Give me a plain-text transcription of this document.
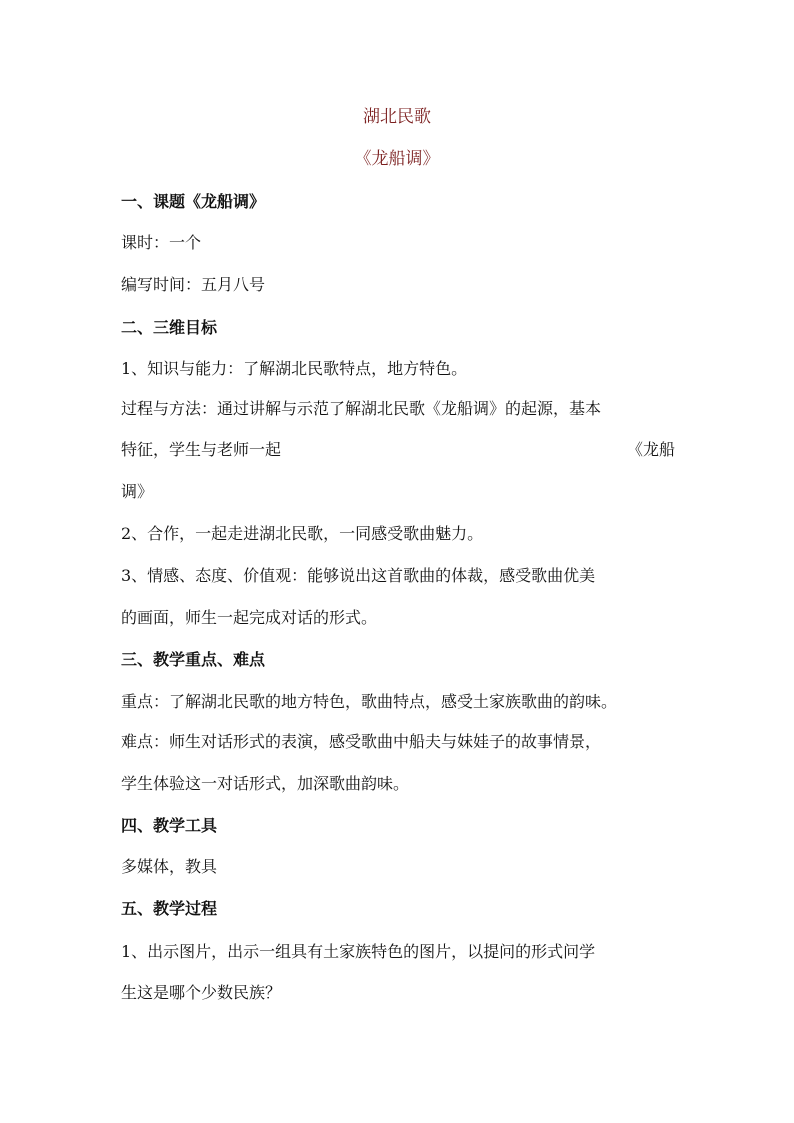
湖北民歌
《龙船调》
一、课题《龙船调》
课时：一个
编写时间：五月八号
二、三维目标
1、知识与能力：了解湖北民歌特点，地方特色。
过程与方法：通过讲解与示范了解湖北民歌《龙船调》的起源，基本
特征，学生与老师一起	《龙船
调》
2、合作，一起走进湖北民歌，一同感受歌曲魅力。
3、情感、态度、价值观：能够说出这首歌曲的体裁，感受歌曲优美
的画面，师生一起完成对话的形式。
三、教学重点、难点
重点：了解湖北民歌的地方特色，歌曲特点，感受土家族歌曲的韵味。
难点：师生对话形式的表演，感受歌曲中船夫与妹娃子的故事情景，
学生体验这一对话形式，加深歌曲韵味。
四、教学工具
多媒体，教具
五、教学过程
1、出示图片，出示一组具有土家族特色的图片，以提问的形式问学
生这是哪个少数民族？
